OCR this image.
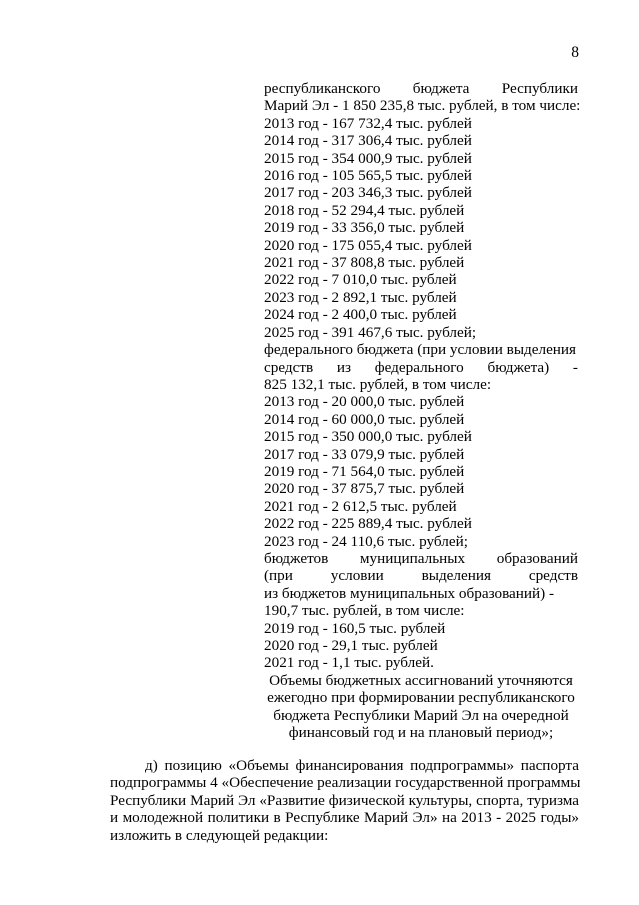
8
республиканского бюджета Республики
Марий Эл - 1 850 235,8 тыс. рублей, в том числе:
2013 год - 167 732,4 тыс. рублей
2014 год - 317 306,4 тыс. рублей
2015 год - 354 000,9 тыс. рублей
2016 год - 105 565,5 тыс. рублей
2017 год - 203 346,3 тыс. рублей
2018 год - 52 294,4 тыс. рублей
2019 год - 33 356,0 тыс. рублей
2020 год - 175 055,4 тыс. рублей
2021 год - 37 808,8 тыс. рублей
2022 год - 7 010,0 тыс. рублей
2023 год - 2 892,1 тыс. рублей
2024 год - 2 400,0 тыс. рублей
2025 год - 391 467,6 тыс. рублей;
федерального бюджета (при условии выделения
средств из федерального бюджета) -
825 132,1 тыс. рублей, в том числе:
2013 год - 20 000,0 тыс. рублей
2014 год - 60 000,0 тыс. рублей
2015 год - 350 000,0 тыс. рублей
2017 год - 33 079,9 тыс. рублей
2019 год - 71 564,0 тыс. рублей
2020 год - 37 875,7 тыс. рублей
2021 год - 2 612,5 тыс. рублей
2022 год - 225 889,4 тыс. рублей
2023 год - 24 110,6 тыс. рублей;
бюджетов муниципальных образований
(при условии выделения средств
из бюджетов муниципальных образований) -
190,7 тыс. рублей, в том числе:
2019 год - 160,5 тыс. рублей
2020 год - 29,1 тыс. рублей
2021 год - 1,1 тыс. рублей.
Объемы бюджетных ассигнований уточняются
ежегодно при формировании республиканского
бюджета Республики Марий Эл на очередной
финансовый год и на плановый период»;
д) позицию «Объемы финансирования подпрограммы» паспорта
подпрограммы 4 «Обеспечение реализации государственной программы
Республики Марий Эл «Развитие физической культуры, спорта, туризма
и молодежной политики в Республике Марий Эл» на 2013 - 2025 годы»
изложить в следующей редакции:
